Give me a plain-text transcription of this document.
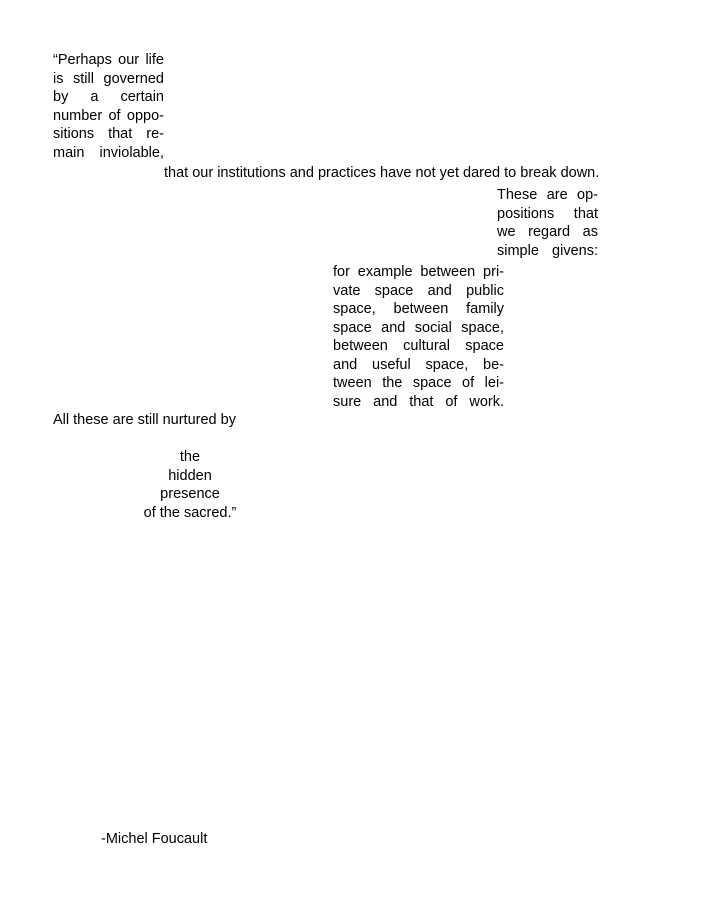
“Perhaps our life
is still governed
by a certain
number of oppo-
sitions that re-
main inviolable,
that our institutions and practices have not yet dared to break down.
These are op-
positions that
we regard as
simple givens:
for example between pri-
vate space and public
space, between family
space and social space,
between cultural space
and useful space, be-
tween the space of lei-
sure and that of work.
All these are still nurtured by
the
hidden
presence
of the sacred.”
-Michel Foucault
